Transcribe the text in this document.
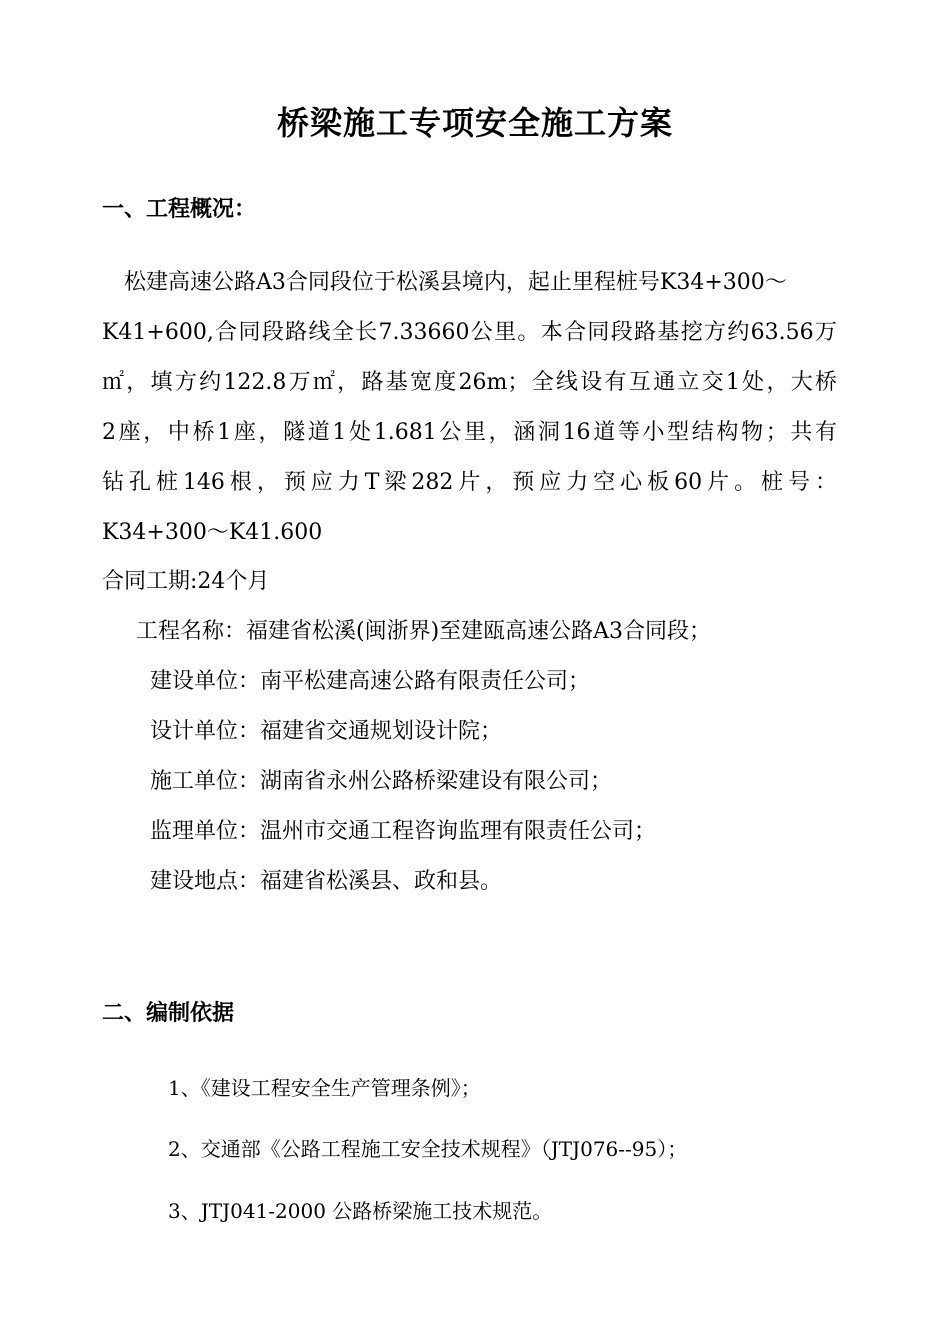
桥梁施工专项安全施工方案
一、工程概况：
松建高速公路A3合同段位于松溪县境内，起止里程桩号K34+300～
K41+600,合同段路线全长7.33660公里。本合同段路基挖方约63.56万
㎡，填方约122.8万㎡，路基宽度26m；全线设有互通立交1处，大桥
2座，中桥1座，隧道1处1.681公里，涵洞16道等小型结构物；共有
钻孔桩146根，预应力T梁282片，预应力空心板60片。桩号：
K34+300～K41.600
合同工期:24个月
工程名称：福建省松溪(闽浙界)至建瓯高速公路A3合同段；
建设单位：南平松建高速公路有限责任公司；
设计单位：福建省交通规划设计院；
施工单位：湖南省永州公路桥梁建设有限公司；
监理单位：温州市交通工程咨询监理有限责任公司；
建设地点：福建省松溪县、政和县。
二、编制依据
1、《建设工程安全生产管理条例》；
2、交通部《公路工程施工安全技术规程》（JTJ076--95）；
3、JTJ041-2000 公路桥梁施工技术规范。
